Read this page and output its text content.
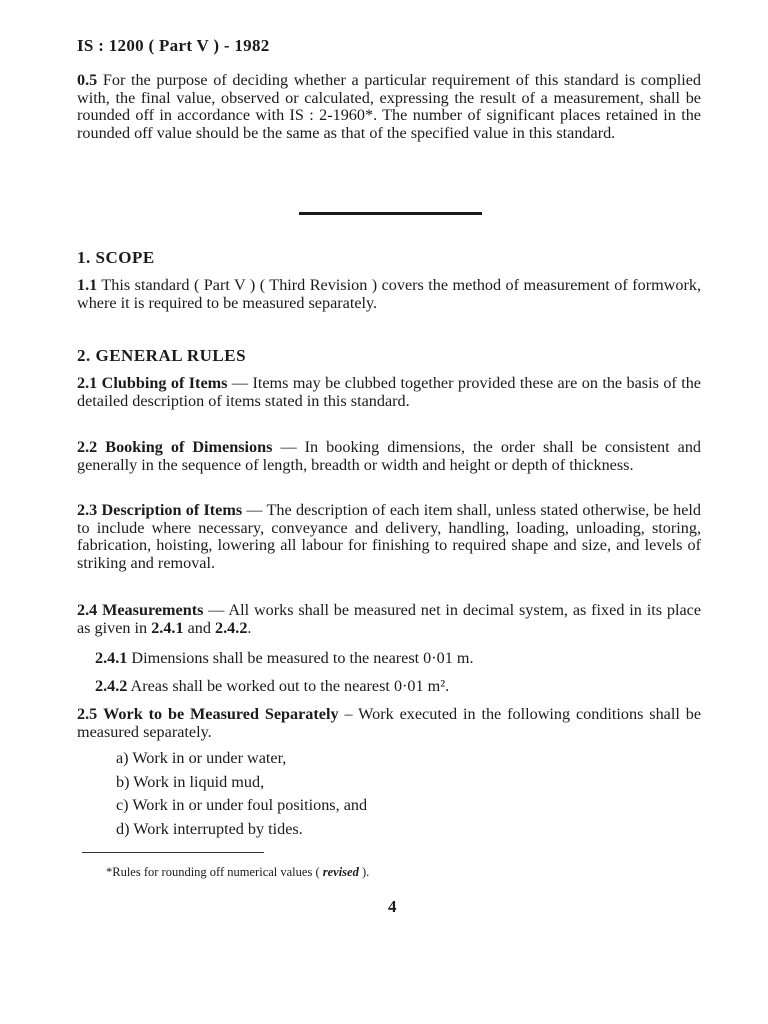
IS : 1200 ( Part V ) - 1982
0.5 For the purpose of deciding whether a particular requirement of this standard is complied with, the final value, observed or calculated, expressing the result of a measurement, shall be rounded off in accordance with IS : 2-1960*. The number of significant places retained in the rounded off value should be the same as that of the specified value in this standard.
1. SCOPE
1.1 This standard ( Part V ) ( Third Revision ) covers the method of measurement of formwork, where it is required to be measured separately.
2. GENERAL RULES
2.1 Clubbing of Items — Items may be clubbed together provided these are on the basis of the detailed description of items stated in this standard.
2.2 Booking of Dimensions — In booking dimensions, the order shall be consistent and generally in the sequence of length, breadth or width and height or depth of thickness.
2.3 Description of Items — The description of each item shall, unless stated otherwise, be held to include where necessary, conveyance and delivery, handling, loading, unloading, storing, fabrication, hoisting, lowering all labour for finishing to required shape and size, and levels of striking and removal.
2.4 Measurements — All works shall be measured net in decimal system, as fixed in its place as given in 2.4.1 and 2.4.2.
2.4.1 Dimensions shall be measured to the nearest 0·01 m.
2.4.2 Areas shall be worked out to the nearest 0·01 m².
2.5 Work to be Measured Separately – Work executed in the following conditions shall be measured separately.
a) Work in or under water,
b) Work in liquid mud,
c) Work in or under foul positions, and
d) Work interrupted by tides.
*Rules for rounding off numerical values ( revised ).
4
